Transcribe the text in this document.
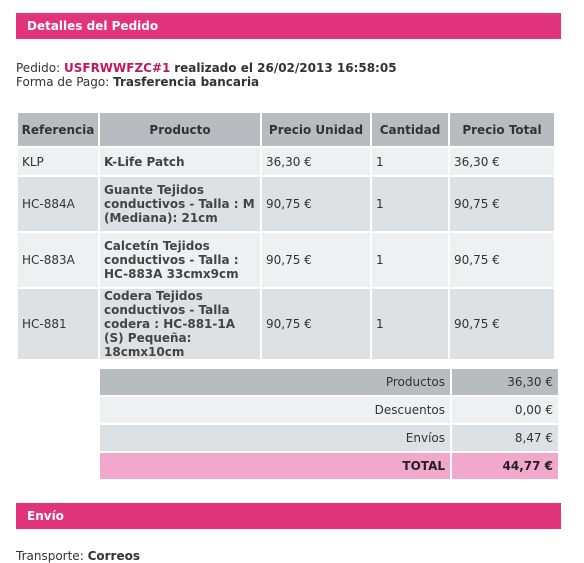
Detalles del Pedido
Pedido: USFRWWFZC#1 realizado el 26/02/2013 16:58:05
Forma de Pago: Trasferencia bancaria
Referencia	Producto	Precio Unidad	Cantidad	Precio Total
KLP	K-Life Patch	36,30 €	1	36,30 €
HC-884A	Guante Tejidos conductivos - Talla : M (Mediana): 21cm	90,75 €	1	90,75 €
HC-883A	Calcetín Tejidos conductivos - Talla : HC-883A 33cmx9cm	90,75 €	1	90,75 €
HC-881	Codera Tejidos conductivos - Talla codera : HC-881-1A (S) Pequeña: 18cmx10cm	90,75 €	1	90,75 €
Productos	36,30 €
Descuentos	0,00 €
Envíos	8,47 €
TOTAL	44,77 €
Envío
Transporte: Correos
